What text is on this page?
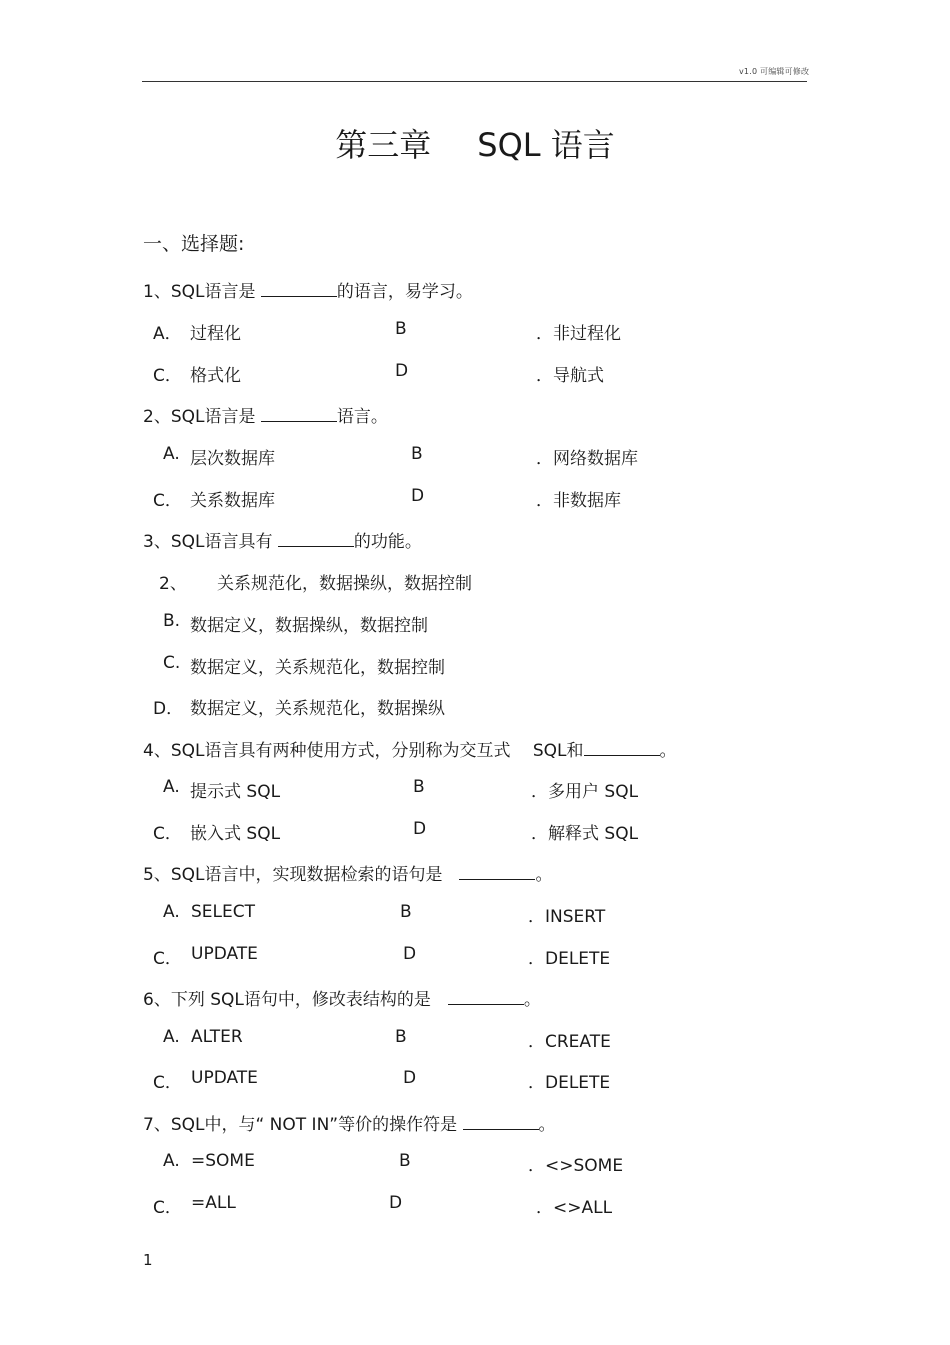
v1.0 可编辑可修改
第三章 SQL 语言
一、选择题:
1、SQL语言是	的语言，易学习。
A． 过程化	B	．非过程化
C． 格式化	D	．导航式
2、SQL语言是	语言。
A. 层次数据库	B	．网络数据库
C． 关系数据库	D	．非数据库
3、SQL语言具有	的功能。
2、 关系规范化，数据操纵，数据控制
B. 数据定义，数据操纵，数据控制
C. 数据定义，关系规范化，数据控制
D． 数据定义，关系规范化，数据操纵
4、SQL语言具有两种使用方式，分别称为交互式　 SQL和	。
A. 提示式 SQL	B	．多用户 SQL
C． 嵌入式 SQL	D	．解释式 SQL
5、SQL语言中，实现数据检索的语句是　	。
A. SELECT	B	．INSERT
C． UPDATE	D	．DELETE
6、下列 SQL语句中，修改表结构的是　	。
A. ALTER	B	．CREATE
C． UPDATE	D	．DELETE
7、SQL中，与“ NOT IN”等价的操作符是	。
A. =SOME	B	．<>SOME
C． =ALL	D	．<>ALL
1
